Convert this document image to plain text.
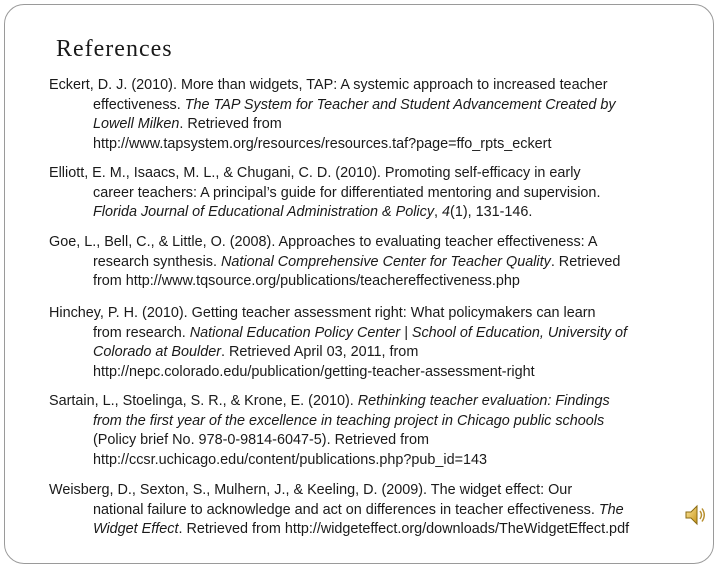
References

Eckert, D. J. (2010). More than widgets, TAP: A systemic approach to increased teacher
effectiveness. The TAP System for Teacher and Student Advancement Created by
Lowell Milken. Retrieved from
http://www.tapsystem.org/resources/resources.taf?page=ffo_rpts_eckert

Elliott, E. M., Isaacs, M. L., & Chugani, C. D. (2010). Promoting self-efficacy in early
career teachers: A principal’s guide for differentiated mentoring and supervision.
Florida Journal of Educational Administration & Policy, 4(1), 131-146.

Goe, L., Bell, C., & Little, O. (2008). Approaches to evaluating teacher effectiveness: A
research synthesis. National Comprehensive Center for Teacher Quality. Retrieved
from http://www.tqsource.org/publications/teachereffectiveness.php

Hinchey, P. H. (2010). Getting teacher assessment right: What policymakers can learn
from research. National Education Policy Center | School of Education, University of
Colorado at Boulder. Retrieved April 03, 2011, from
http://nepc.colorado.edu/publication/getting-teacher-assessment-right

Sartain, L., Stoelinga, S. R., & Krone, E. (2010). Rethinking teacher evaluation: Findings
from the first year of the excellence in teaching project in Chicago public schools
(Policy brief No. 978-0-9814-6047-5). Retrieved from
http://ccsr.uchicago.edu/content/publications.php?pub_id=143

Weisberg, D., Sexton, S., Mulhern, J., & Keeling, D. (2009). The widget effect: Our
national failure to acknowledge and act on differences in teacher effectiveness. The
Widget Effect. Retrieved from http://widgeteffect.org/downloads/TheWidgetEffect.pdf
